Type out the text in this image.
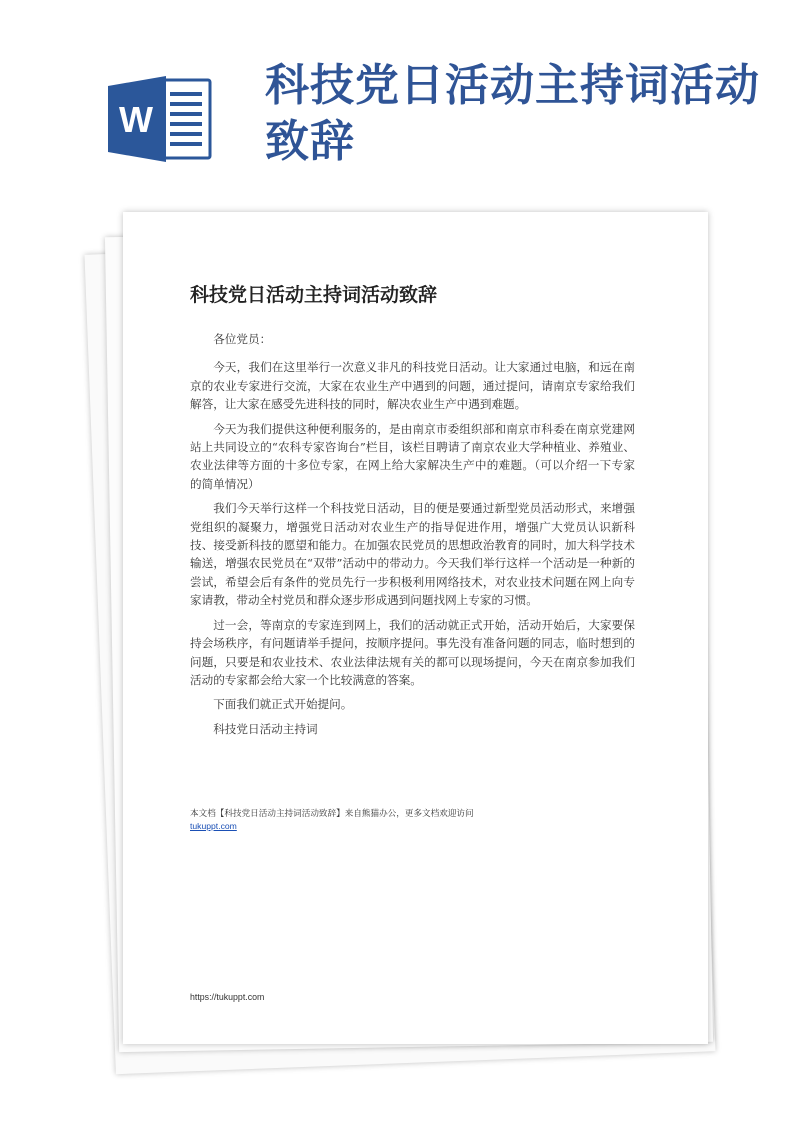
W
科技党日活动主持词活动致辞
科技党日活动主持词活动致辞

各位党员：

今天，我们在这里举行一次意义非凡的科技党日活动。让大家通过电脑，和远在南京的农业专家进行交流，大家在农业生产中遇到的问题，通过提问，请南京专家给我们解答，让大家在感受先进科技的同时，解决农业生产中遇到难题。

今天为我们提供这种便利服务的，是由南京市委组织部和南京市科委在南京党建网站上共同设立的“农科专家咨询台”栏目，该栏目聘请了南京农业大学种植业、养殖业、农业法律等方面的十多位专家，在网上给大家解决生产中的难题。（可以介绍一下专家的简单情况）

我们今天举行这样一个科技党日活动，目的便是要通过新型党员活动形式，来增强党组织的凝聚力，增强党日活动对农业生产的指导促进作用，增强广大党员认识新科技、接受新科技的愿望和能力。在加强农民党员的思想政治教育的同时，加大科学技术输送，增强农民党员在“双带”活动中的带动力。今天我们举行这样一个活动是一种新的尝试，希望会后有条件的党员先行一步积极利用网络技术，对农业技术问题在网上向专家请教，带动全村党员和群众逐步形成遇到问题找网上专家的习惯。

过一会，等南京的专家连到网上，我们的活动就正式开始，活动开始后，大家要保持会场秩序，有问题请举手提问，按顺序提问。事先没有准备问题的同志，临时想到的问题，只要是和农业技术、农业法律法规有关的都可以现场提问，今天在南京参加我们活动的专家都会给大家一个比较满意的答案。

下面我们就正式开始提问。

科技党日活动主持词

本文档【科技党日活动主持词活动致辞】来自熊猫办公，更多文档欢迎访问
tukuppt.com
https://tukuppt.com
